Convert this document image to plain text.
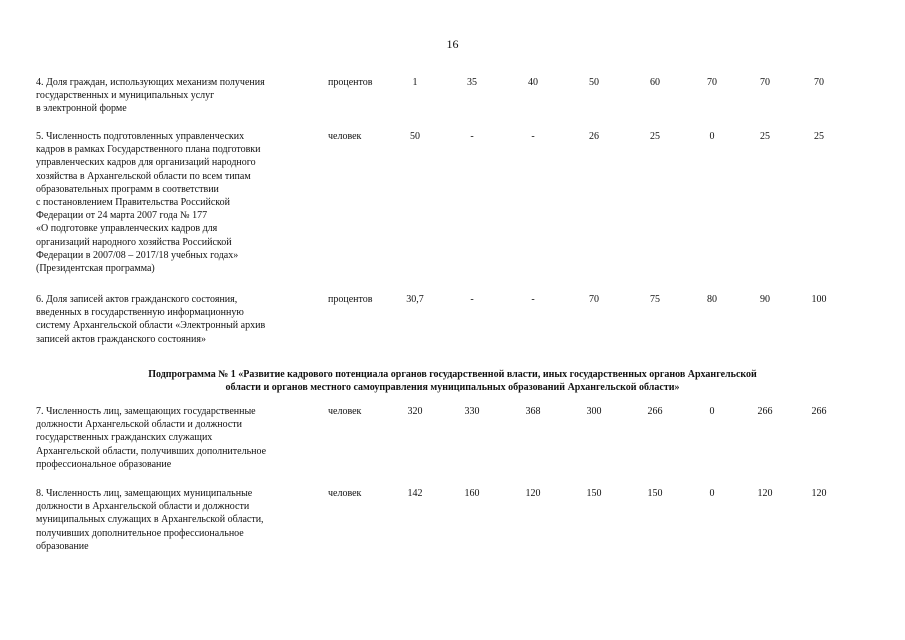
16
4. Доля граждан, использующих механизм получения
государственных и муниципальных услуг
в электронной форме
процентов	1	35	40	50	60	70	70	70
5. Численность подготовленных управленческих
кадров в рамках Государственного плана подготовки
управленческих кадров для организаций народного
хозяйства в Архангельской области по всем типам
образовательных программ в соответствии
с постановлением Правительства Российской
Федерации от 24 марта 2007 года № 177
«О подготовке управленческих кадров для
организаций народного хозяйства Российской
Федерации в 2007/08 – 2017/18 учебных годах»
(Президентская программа)
человек	50	-	-	26	25	0	25	25
6. Доля записей актов гражданского состояния,
введенных в государственную информационную
систему Архангельской области «Электронный архив
записей актов гражданского состояния»
процентов	30,7	-	-	70	75	80	90	100
Подпрограмма № 1 «Развитие кадрового потенциала органов государственной власти, иных государственных органов Архангельской
области и органов местного самоуправления муниципальных образований Архангельской области»
7. Численность лиц, замещающих государственные
должности Архангельской области и должности
государственных гражданских служащих
Архангельской области, получивших дополнительное
профессиональное образование
человек	320	330	368	300	266	0	266	266
8. Численность лиц, замещающих муниципальные
должности в Архангельской области и должности
муниципальных служащих в Архангельской области,
получивших дополнительное профессиональное
образование
человек	142	160	120	150	150	0	120	120
